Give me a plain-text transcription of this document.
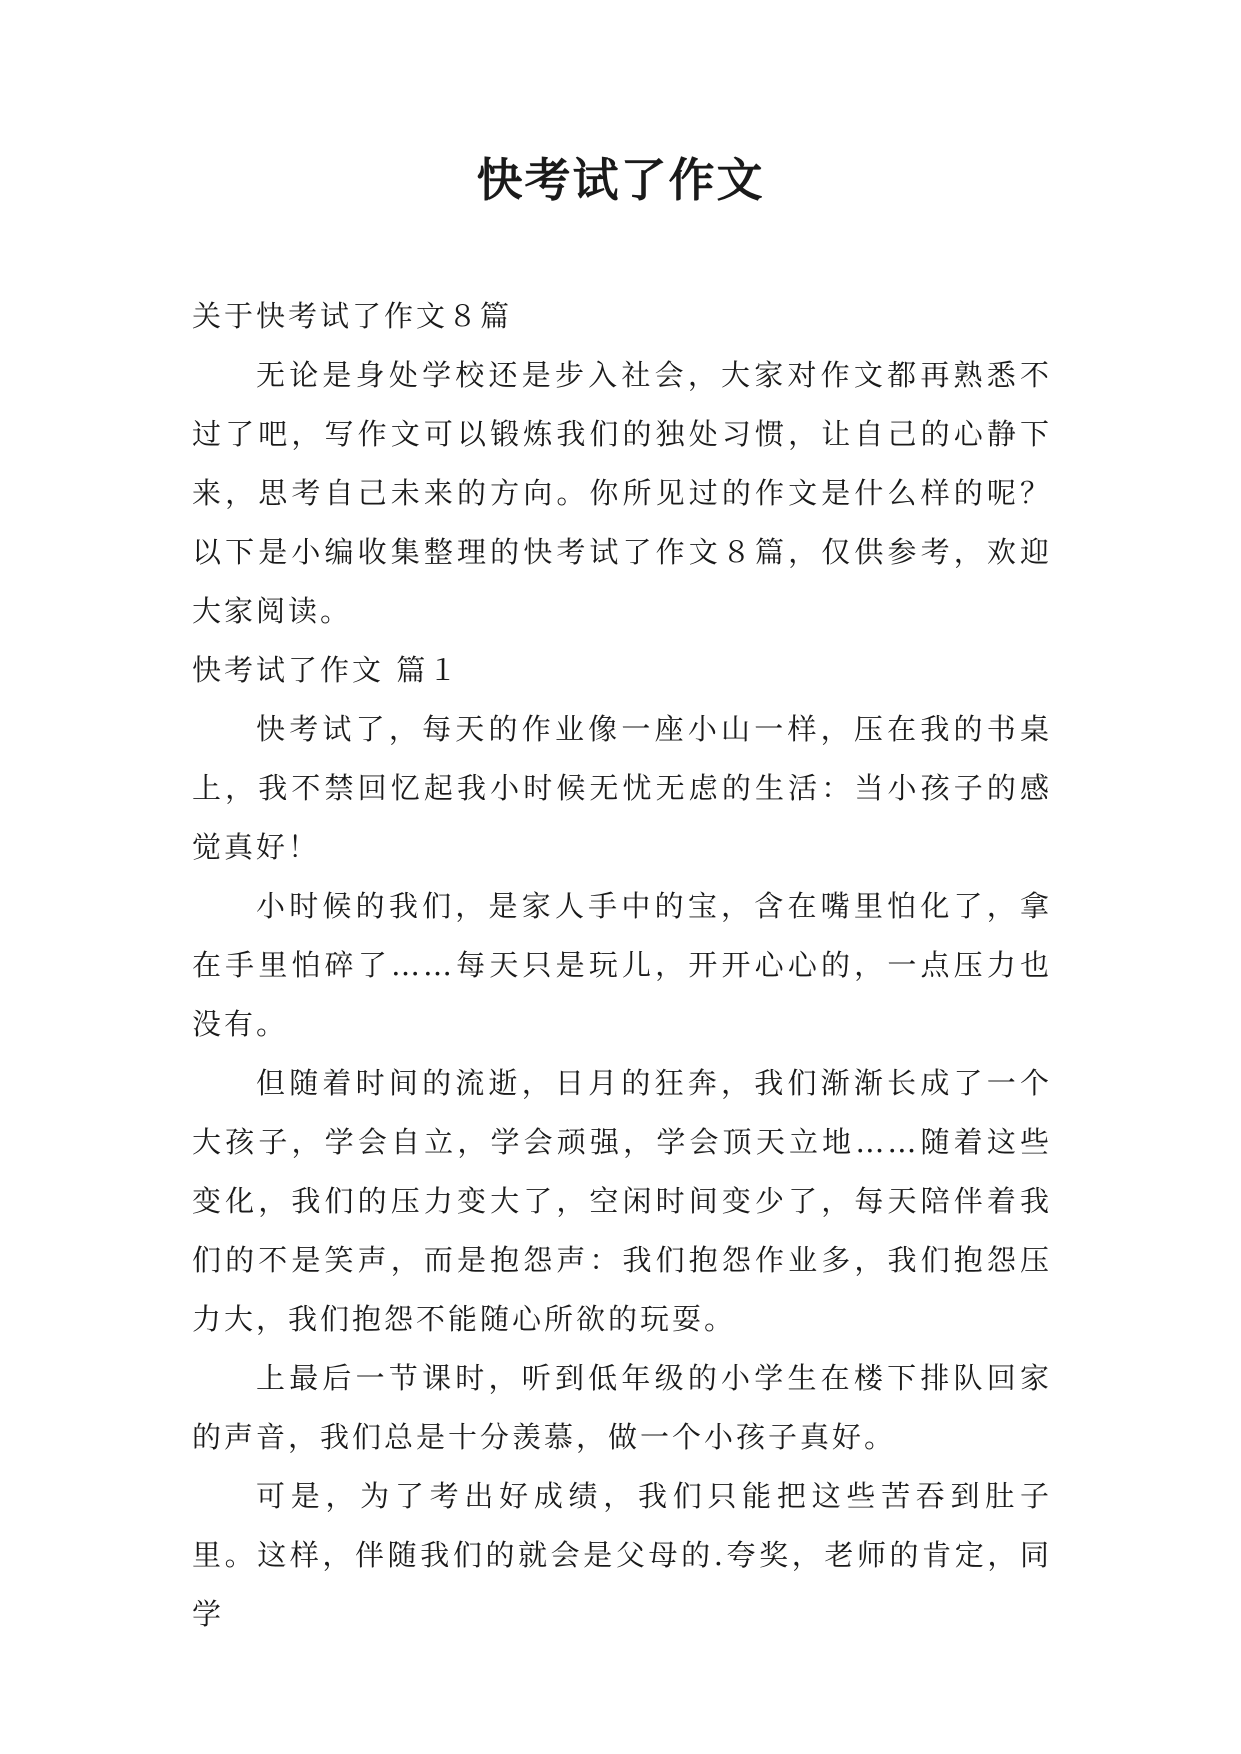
快考试了作文

关于快考试了作文８篇

无论是身处学校还是步入社会，大家对作文都再熟悉不过了吧，写作文可以锻炼我们的独处习惯，让自己的心静下来，思考自己未来的方向。你所见过的作文是什么样的呢？以下是小编收集整理的快考试了作文８篇，仅供参考，欢迎大家阅读。

快考试了作文 篇１

快考试了，每天的作业像一座小山一样，压在我的书桌上，我不禁回忆起我小时候无忧无虑的生活：当小孩子的感觉真好！

小时候的我们，是家人手中的宝，含在嘴里怕化了，拿在手里怕碎了……每天只是玩儿，开开心心的，一点压力也没有。

但随着时间的流逝，日月的狂奔，我们渐渐长成了一个大孩子，学会自立，学会顽强，学会顶天立地……随着这些变化，我们的压力变大了，空闲时间变少了，每天陪伴着我们的不是笑声，而是抱怨声：我们抱怨作业多，我们抱怨压力大，我们抱怨不能随心所欲的玩耍。

上最后一节课时，听到低年级的小学生在楼下排队回家的声音，我们总是十分羡慕，做一个小孩子真好。

可是，为了考出好成绩，我们只能把这些苦吞到肚子里。这样，伴随我们的就会是父母的.夸奖，老师的肯定，同学
